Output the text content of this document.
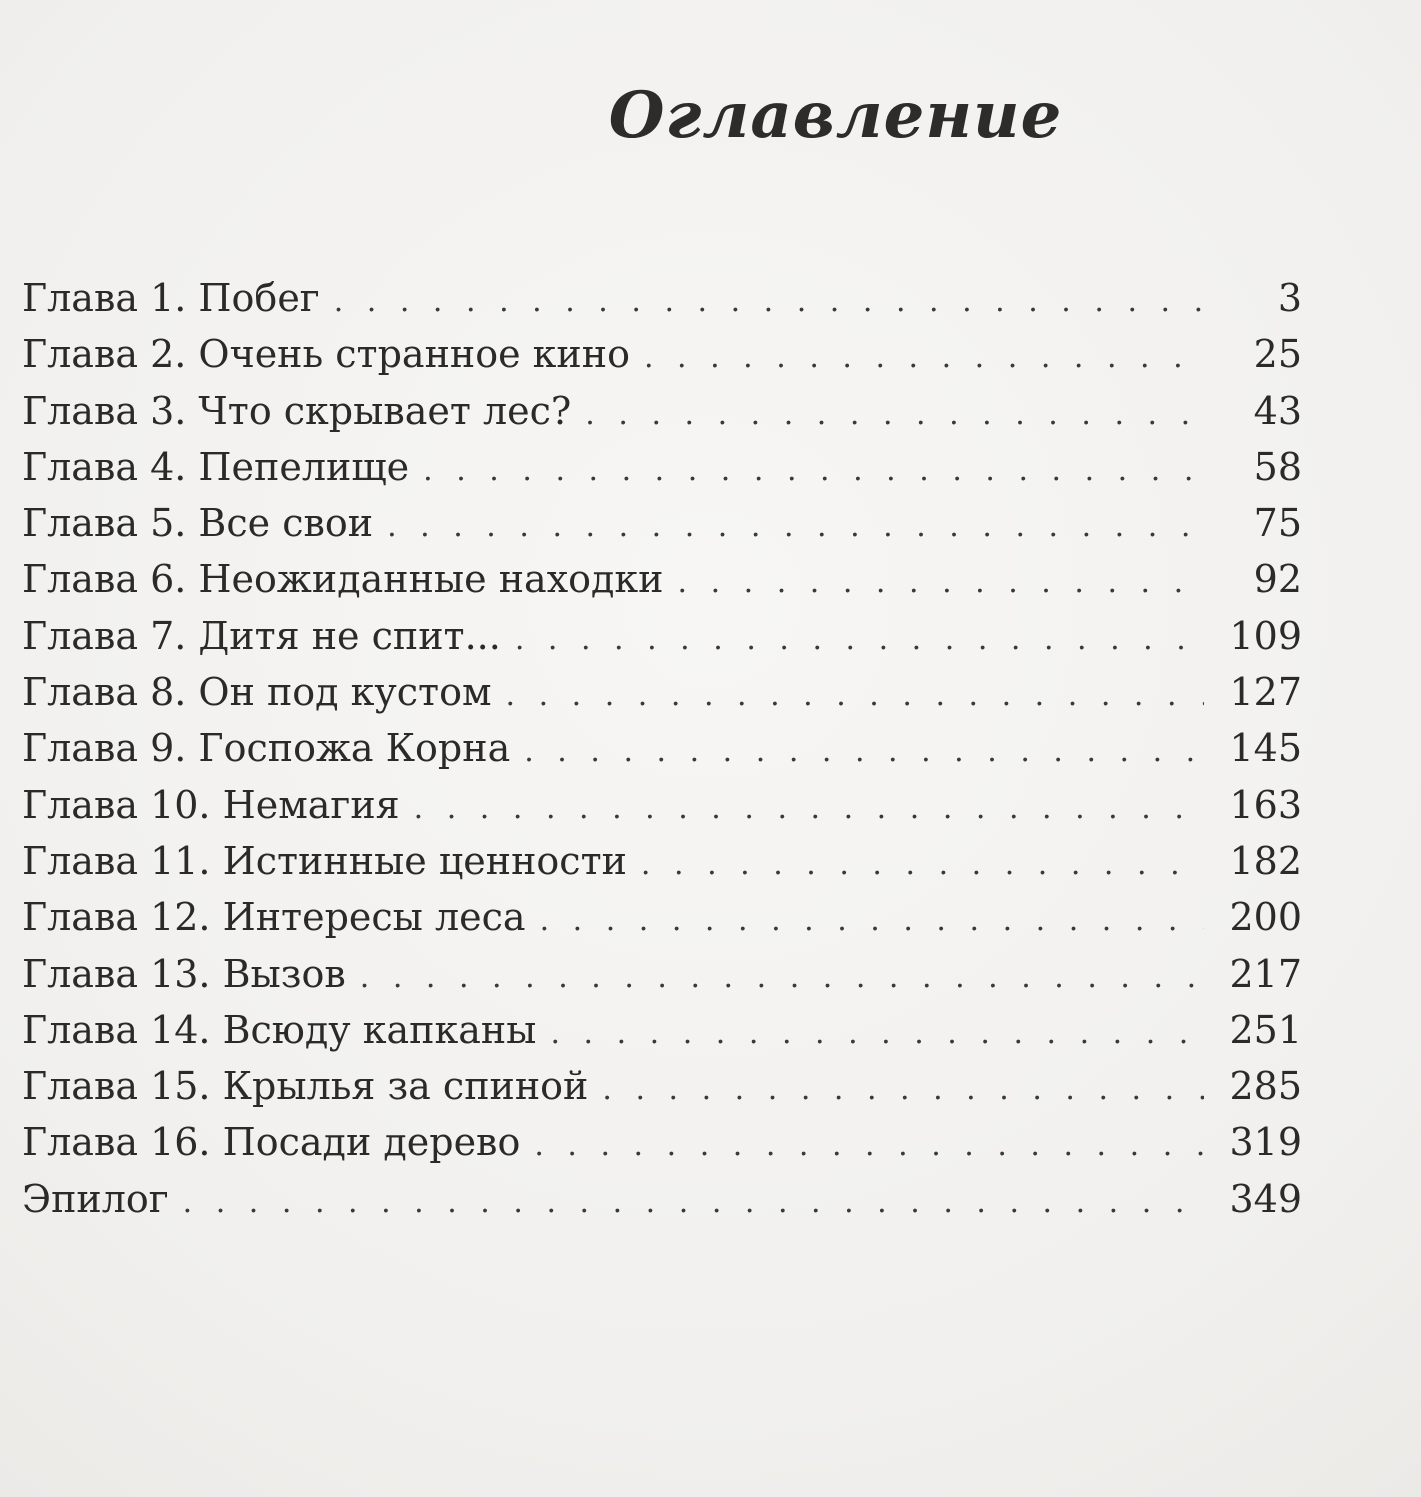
Оглавление
Глава 1. Побег . . .	3
Глава 2. Очень странное кино . . .	25
Глава 3. Что скрывает лес? . . .	43
Глава 4. Пепелище . . .	58
Глава 5. Все свои . . .	75
Глава 6. Неожиданные находки . . .	92
Глава 7. Дитя не спит... . . .	109
Глава 8. Он под кустом . . .	127
Глава 9. Госпожа Корна . . .	145
Глава 10. Немагия . . .	163
Глава 11. Истинные ценности . . .	182
Глава 12. Интересы леса . . .	200
Глава 13. Вызов . . .	217
Глава 14. Всюду капканы . . .	251
Глава 15. Крылья за спиной . . .	285
Глава 16. Посади дерево . . .	319
Эпилог . . .	349
